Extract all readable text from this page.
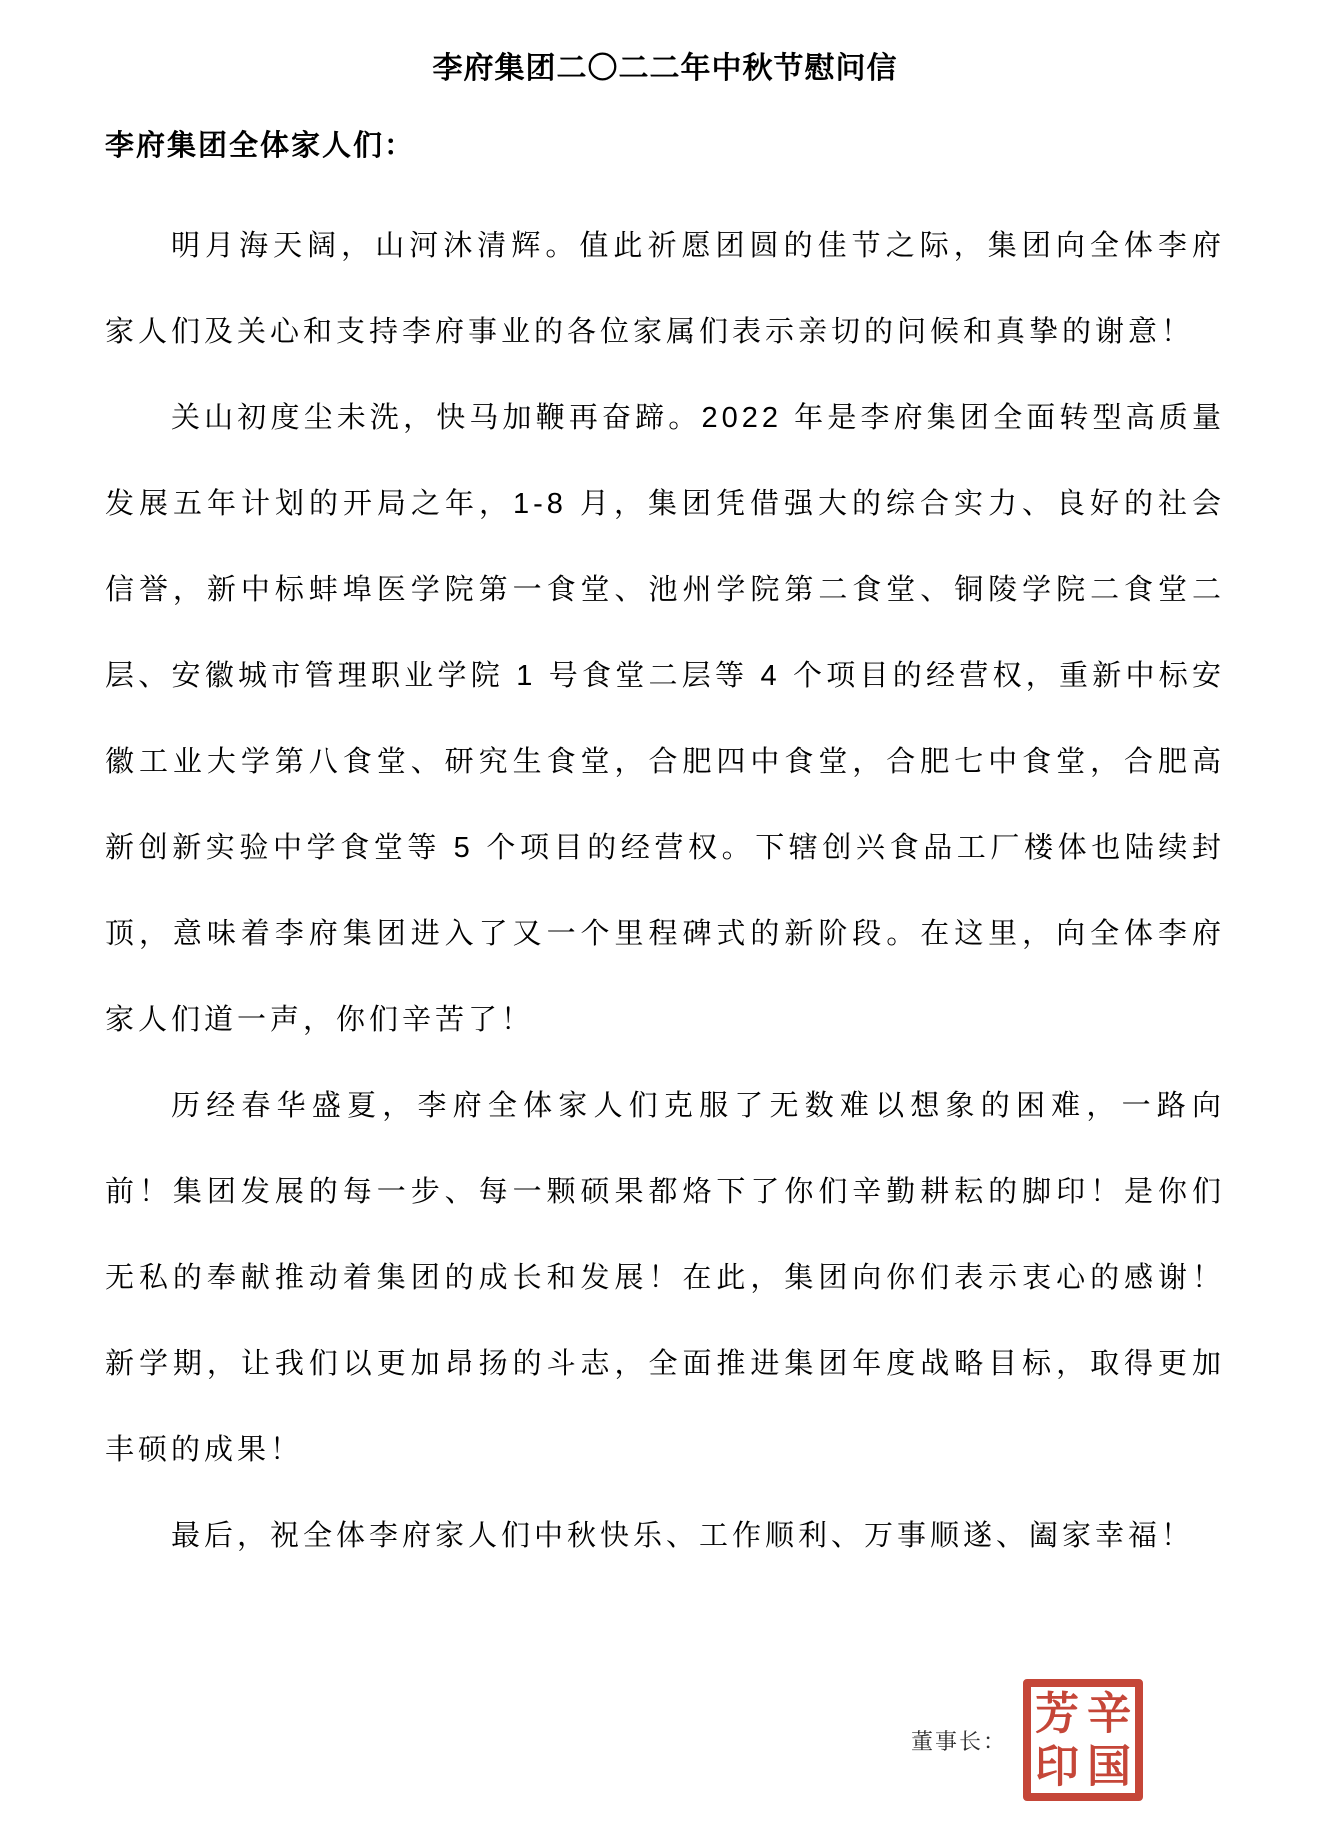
李府集团二〇二二年中秋节慰问信
李府集团全体家人们：

明月海天阔，山河沐清辉。值此祈愿团圆的佳节之际，集团向全体李府家人们及关心和支持李府事业的各位家属们表示亲切的问候和真挚的谢意！

关山初度尘未洗，快马加鞭再奋蹄。2022 年是李府集团全面转型高质量发展五年计划的开局之年，1-8 月，集团凭借强大的综合实力、良好的社会信誉，新中标蚌埠医学院第一食堂、池州学院第二食堂、铜陵学院二食堂二层、安徽城市管理职业学院 1 号食堂二层等 4 个项目的经营权，重新中标安徽工业大学第八食堂、研究生食堂，合肥四中食堂，合肥七中食堂，合肥高新创新实验中学食堂等 5 个项目的经营权。下辖创兴食品工厂楼体也陆续封顶，意味着李府集团进入了又一个里程碑式的新阶段。在这里，向全体李府家人们道一声，你们辛苦了！

历经春华盛夏，李府全体家人们克服了无数难以想象的困难，一路向前！集团发展的每一步、每一颗硕果都烙下了你们辛勤耕耘的脚印！是你们无私的奉献推动着集团的成长和发展！在此，集团向你们表示衷心的感谢！新学期，让我们以更加昂扬的斗志，全面推进集团年度战略目标，取得更加丰硕的成果！

最后，祝全体李府家人们中秋快乐、工作顺利、万事顺遂、阖家幸福！

董事长：
芳 辛
印 国
